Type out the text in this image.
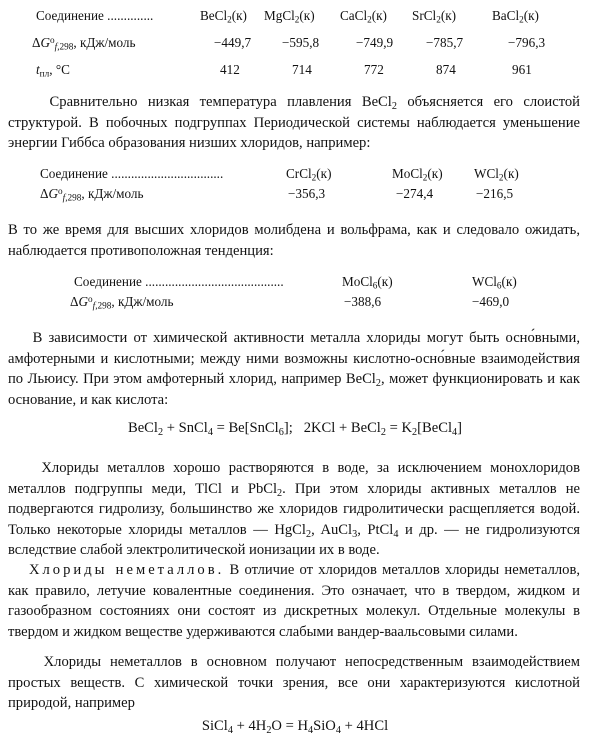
Соединение ..............	BeCl$_2$(к) MgCl$_2$(к) CaCl$_2$(к) SrCl$_2$(к)	BaCl$_2$(к)
$\Delta G^o_{f,298}$, кДж/моль	−449,7 −595,8	−749,9 −785,7	−796,3
$t_{пл}$, °C	412	714	772	874	961
Сравнительно низкая температура плавления BeCl$_2$ объясняется его слоистой структурой. В побочных подгруппах Периодической системы наблюдается уменьшение энергии Гиббса образования низших хлоридов, например:
Соединение ..................................	CrCl$_2$(к)	MoCl$_2$(к) WCl$_2$(к)
$\Delta G^o_{f,298}$, кДж/моль	−356,3	−274,4	−216,5
В то же время для высших хлоридов молибдена и вольфрама, как и следовало ожидать, наблюдается противоположная тенденция:
Соединение ..........................................	MoCl$_6$(к)	WCl$_6$(к)
$\Delta G^o_{f,298}$, кДж/моль	−388,6	−469,0
В зависимости от химической активности металла хлориды могут быть осно́вными, амфотерными и кислотными; между ними возможны кислотно-осно́вные взаимодействия по Льюису. При этом амфотерный хлорид, например BeCl$_2$, может функционировать и как основание, и как кислота:
BeCl$_2$ + SnCl$_4$ = Be[SnCl$_6$];   2KCl + BeCl$_2$ = $K_2[BeCl_4]$
Хлориды металлов хорошо растворяются в воде, за исключением монохлоридов металлов подгруппы меди, TlCl и PbCl$_2$. При этом хлориды активных металлов не подвергаются гидролизу, большинство же хлоридов гидролитически расщепляется водой. Только некоторые хлориды металлов — HgCl$_2$, AuCl$_3$, PtCl$_4$ и др. — не гидролизуются вследствие слабой электролитической ионизации их в воде.
Хлориды неметаллов. В отличие от хлоридов металлов хлориды неметаллов, как правило, летучие ковалентные соединения. Это означает, что в твердом, жидком и газообразном состояниях они состоят из дискретных молекул. Отдельные молекулы в твердом и жидком веществе удерживаются слабыми вандер-ваальсовыми силами.
Хлориды неметаллов в основном получают непосредственным взаимодействием простых веществ. С химической точки зрения, все они характеризуются кислотной природой, например
SiCl$_4$ + $4H_2O = H_4SiO_4 + 4HCl$
